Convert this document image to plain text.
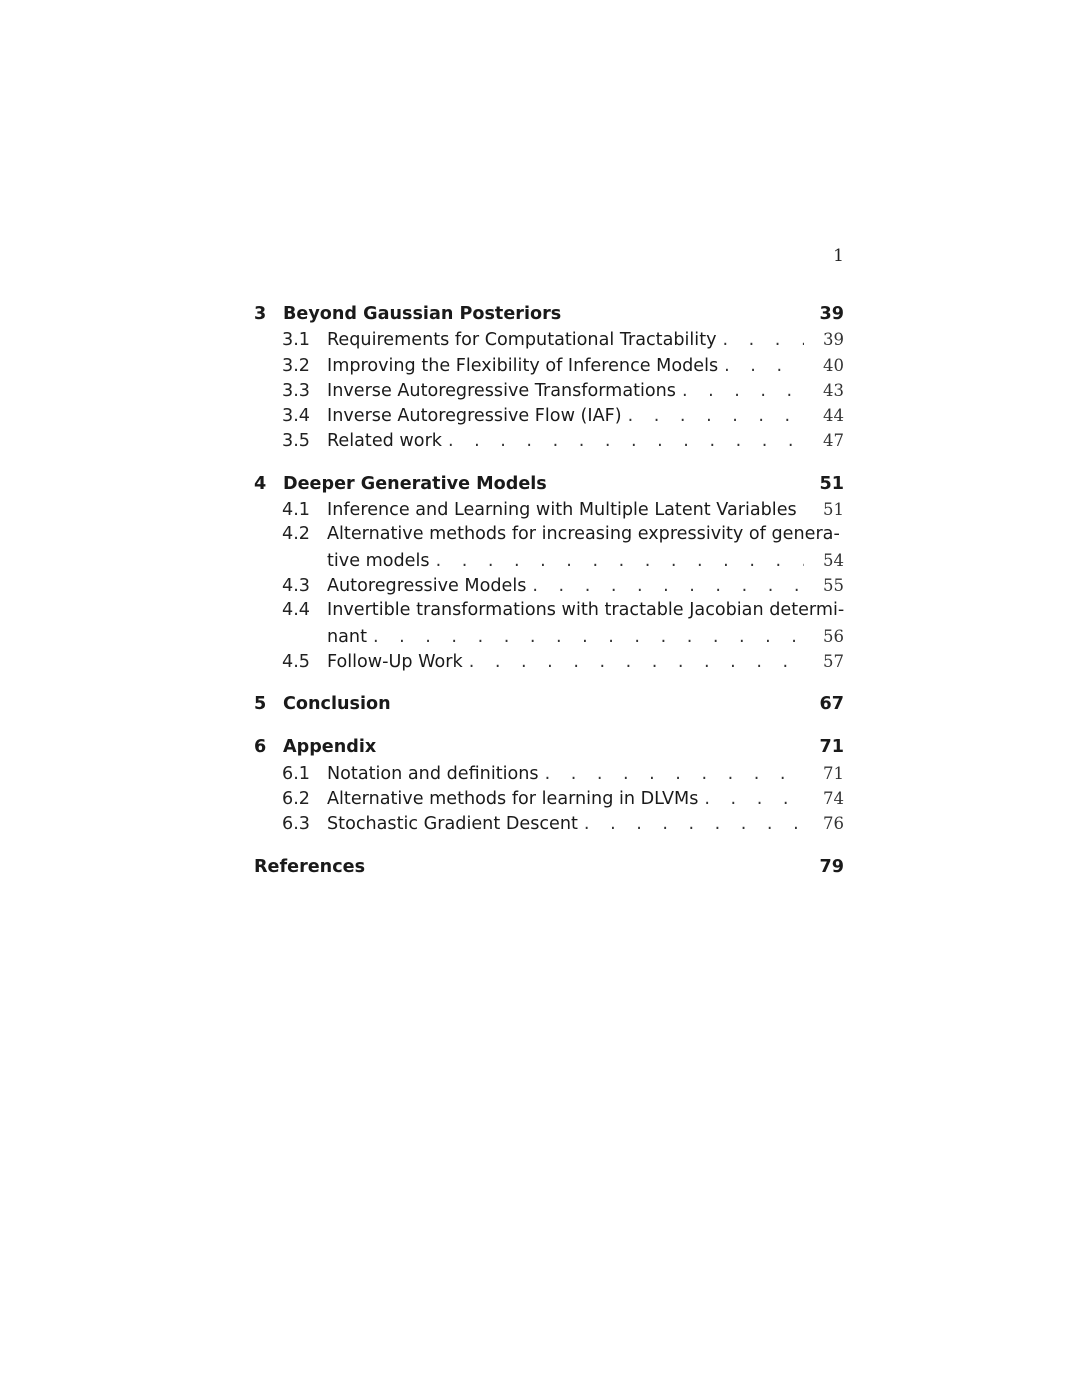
1
3 Beyond Gaussian Posteriors	39
3.1 Requirements for Computational Tractability . . .	39
3.2 Improving the Flexibility of Inference Models . . .	40
3.3 Inverse Autoregressive Transformations . . .	43
3.4 Inverse Autoregressive Flow (IAF) . . .	44
3.5 Related work . . .	47
4 Deeper Generative Models	51
4.1 Inference and Learning with Multiple Latent Variables . . .	51
4.2 Alternative methods for increasing expressivity of genera-
tive models . . .	54
4.3 Autoregressive Models . . .	55
4.4 Invertible transformations with tractable Jacobian determi-
nant . . .	56
4.5 Follow-Up Work . . .	57
5 Conclusion	67
6 Appendix	71
6.1 Notation and definitions . . .	71
6.2 Alternative methods for learning in DLVMs . . .	74
6.3 Stochastic Gradient Descent . . .	76
References	79
